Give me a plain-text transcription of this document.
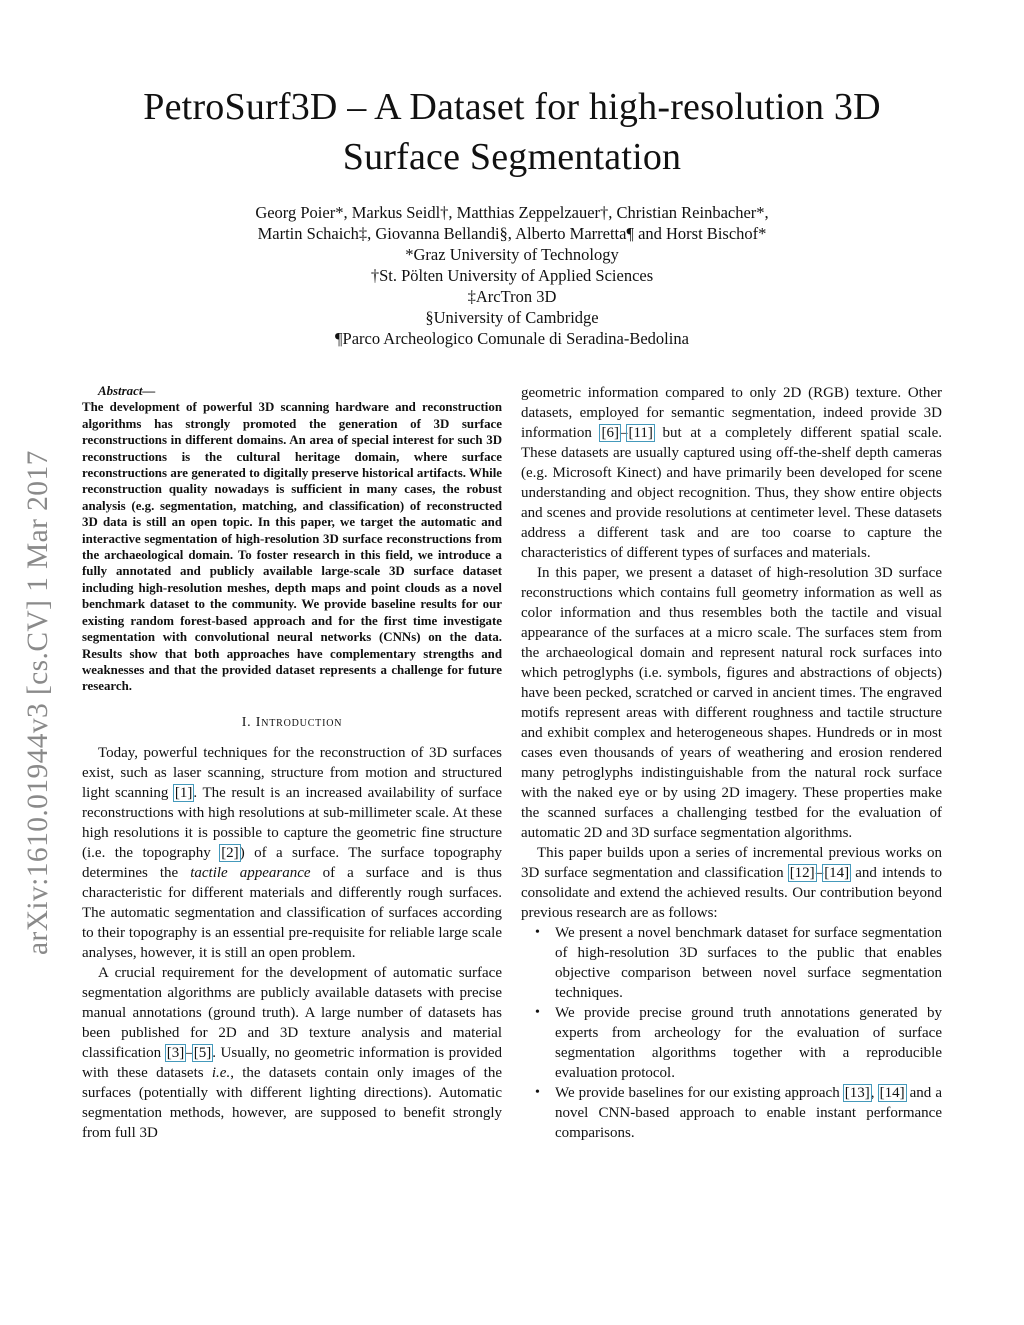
arXiv:1610.01944v3 [cs.CV] 1 Mar 2017
PetroSurf3D – A Dataset for high-resolution 3D
Surface Segmentation
Georg Poier*, Markus Seidl†, Matthias Zeppelzauer†, Christian Reinbacher*,
Martin Schaich‡, Giovanna Bellandi§, Alberto Marretta¶ and Horst Bischof*
*Graz University of Technology
†St. Pölten University of Applied Sciences
‡ArcTron 3D
§University of Cambridge
¶Parco Archeologico Comunale di Seradina-Bedolina
Abstract—
The development of powerful 3D scanning hardware and reconstruction algorithms has strongly promoted the generation of 3D surface reconstructions in different domains. An area of special interest for such 3D reconstructions is the cultural heritage domain, where surface reconstructions are generated to digitally preserve historical artifacts. While reconstruction quality nowadays is sufficient in many cases, the robust analysis (e.g. segmentation, matching, and classification) of reconstructed 3D data is still an open topic. In this paper, we target the automatic and interactive segmentation of high-resolution 3D surface reconstructions from the archaeological domain. To foster research in this field, we introduce a fully annotated and publicly available large-scale 3D surface dataset including high-resolution meshes, depth maps and point clouds as a novel benchmark dataset to the community. We provide baseline results for our existing random forest-based approach and for the first time investigate segmentation with convolutional neural networks (CNNs) on the data. Results show that both approaches have complementary strengths and weaknesses and that the provided dataset represents a challenge for future research.
I. Introduction

Today, powerful techniques for the reconstruction of 3D surfaces exist, such as laser scanning, structure from motion and structured light scanning [1]. The result is an increased availability of surface reconstructions with high resolutions at sub-millimeter scale. At these high resolutions it is possible to capture the geometric fine structure (i.e. the topography [2]) of a surface. The surface topography determines the tactile appearance of a surface and is thus characteristic for different materials and differently rough surfaces. The automatic segmentation and classification of surfaces according to their topography is an essential pre-requisite for reliable large scale analyses, however, it is still an open problem.

A crucial requirement for the development of automatic surface segmentation algorithms are publicly available datasets with precise manual annotations (ground truth). A large number of datasets has been published for 2D and 3D texture analysis and material classification [3]–[5]. Usually, no geometric information is provided with these datasets i.e., the datasets contain only images of the surfaces (potentially with different lighting directions). Automatic segmentation methods, however, are supposed to benefit strongly from full 3D

geometric information compared to only 2D (RGB) texture. Other datasets, employed for semantic segmentation, indeed provide 3D information [6]–[11] but at a completely different spatial scale. These datasets are usually captured using off-the-shelf depth cameras (e.g. Microsoft Kinect) and have primarily been developed for scene understanding and object recognition. Thus, they show entire objects and scenes and provide resolutions at centimeter level. These datasets address a different task and are too coarse to capture the characteristics of different types of surfaces and materials.

In this paper, we present a dataset of high-resolution 3D surface reconstructions which contains full geometry information as well as color information and thus resembles both the tactile and visual appearance of the surfaces at a micro scale. The surfaces stem from the archaeological domain and represent natural rock surfaces into which petroglyphs (i.e. symbols, figures and abstractions of objects) have been pecked, scratched or carved in ancient times. The engraved motifs represent areas with different roughness and tactile structure and exhibit complex and heterogeneous shapes. Hundreds or in most cases even thousands of years of weathering and erosion rendered many petroglyphs indistinguishable from the natural rock surface with the naked eye or by using 2D imagery. These properties make the scanned surfaces a challenging testbed for the evaluation of automatic 2D and 3D surface segmentation algorithms.

This paper builds upon a series of incremental previous works on 3D surface segmentation and classification [12]–[14] and intends to consolidate and extend the achieved results. Our contribution beyond previous research are as follows:

• We present a novel benchmark dataset for surface segmentation of high-resolution 3D surfaces to the public that enables objective comparison between novel surface segmentation techniques.
• We provide precise ground truth annotations generated by experts from archeology for the evaluation of surface segmentation algorithms together with a reproducible evaluation protocol.
• We provide baselines for our existing approach [13], [14] and a novel CNN-based approach to enable instant performance comparisons.
